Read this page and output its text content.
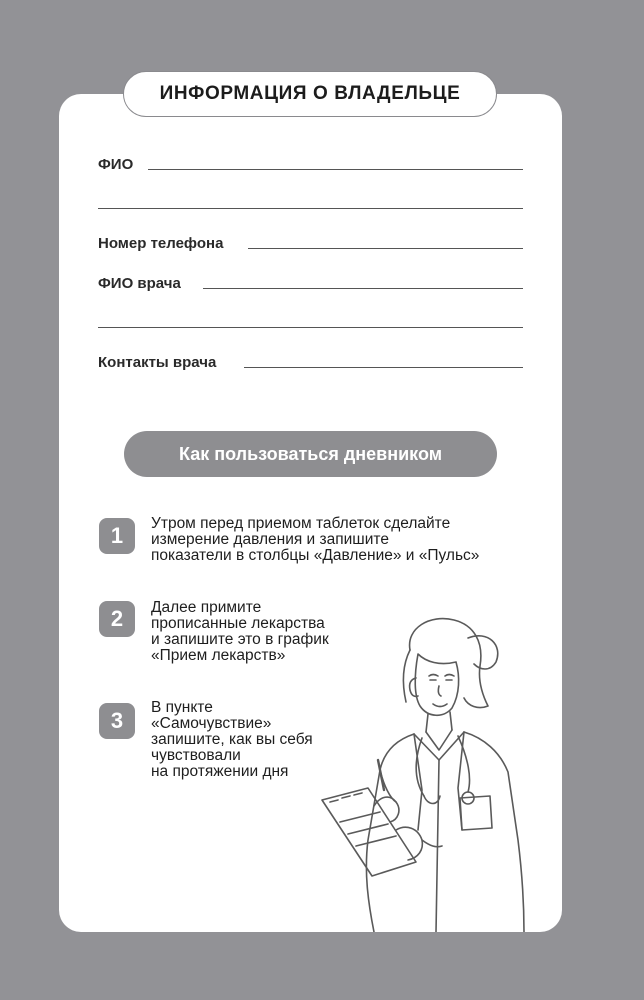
ИНФОРМАЦИЯ О ВЛАДЕЛЬЦЕ
ФИО
Номер телефона
ФИО врача
Контакты врача
Как пользоваться дневником
1	Утром перед приемом таблеток сделайте
измерение давления и запишите
показатели в столбцы «Давление» и «Пульс»
2	Далее примите
прописанные лекарства
и запишите это в график
«Прием лекарств»
3
В пункте
«Самочувствие»
запишите, как вы себя
чувствовали
на протяжении дня
